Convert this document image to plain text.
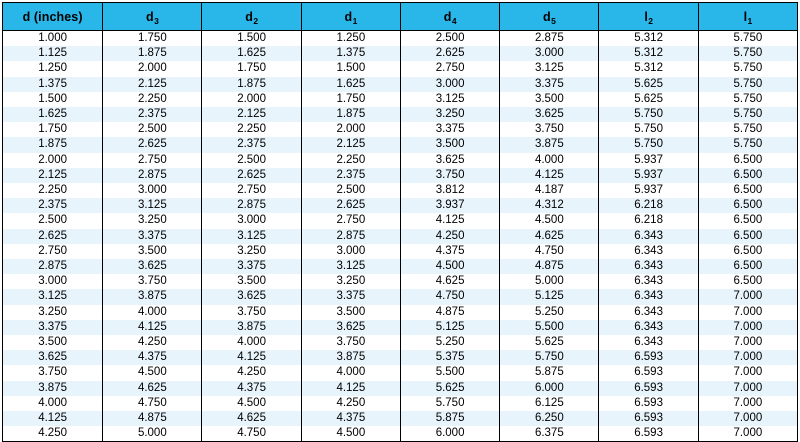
d (inches)	$d_3$	$d_2$	$d_1$	$d_4$	$d_5$	$l_2$	$l_1$
1.000	1.750	1.500	1.250	2.500	2.875	5.312	5.750
1.125	1.875	1.625	1.375	2.625	3.000	5.312	5.750
1.250	2.000	1.750	1.500	2.750	3.125	5.312	5.750
1.375	2.125	1.875	1.625	3.000	3.375	5.625	5.750
1.500	2.250	2.000	1.750	3.125	3.500	5.625	5.750
1.625	2.375	2.125	1.875	3.250	3.625	5.750	5.750
1.750	2.500	2.250	2.000	3.375	3.750	5.750	5.750
1.875	2.625	2.375	2.125	3.500	3.875	5.750	5.750
2.000	2.750	2.500	2.250	3.625	4.000	5.937	6.500
2.125	2.875	2.625	2.375	3.750	4.125	5.937	6.500
2.250	3.000	2.750	2.500	3.812	4.187	5.937	6.500
2.375	3.125	2.875	2.625	3.937	4.312	6.218	6.500
2.500	3.250	3.000	2.750	4.125	4.500	6.218	6.500
2.625	3.375	3.125	2.875	4.250	4.625	6.343	6.500
2.750	3.500	3.250	3.000	4.375	4.750	6.343	6.500
2.875	3.625	3.375	3.125	4.500	4.875	6.343	6.500
3.000	3.750	3.500	3.250	4.625	5.000	6.343	6.500
3.125	3.875	3.625	3.375	4.750	5.125	6.343	7.000
3.250	4.000	3.750	3.500	4.875	5.250	6.343	7.000
3.375	4.125	3.875	3.625	5.125	5.500	6.343	7.000
3.500	4.250	4.000	3.750	5.250	5.625	6.343	7.000
3.625	4.375	4.125	3.875	5.375	5.750	6.593	7.000
3.750	4.500	4.250	4.000	5.500	5.875	6.593	7.000
3.875	4.625	4.375	4.125	5.625	6.000	6.593	7.000
4.000	4.750	4.500	4.250	5.750	6.125	6.593	7.000
4.125	4.875	4.625	4.375	5.875	6.250	6.593	7.000
4.250	5.000	4.750	4.500	6.000	6.375	6.593	7.000
